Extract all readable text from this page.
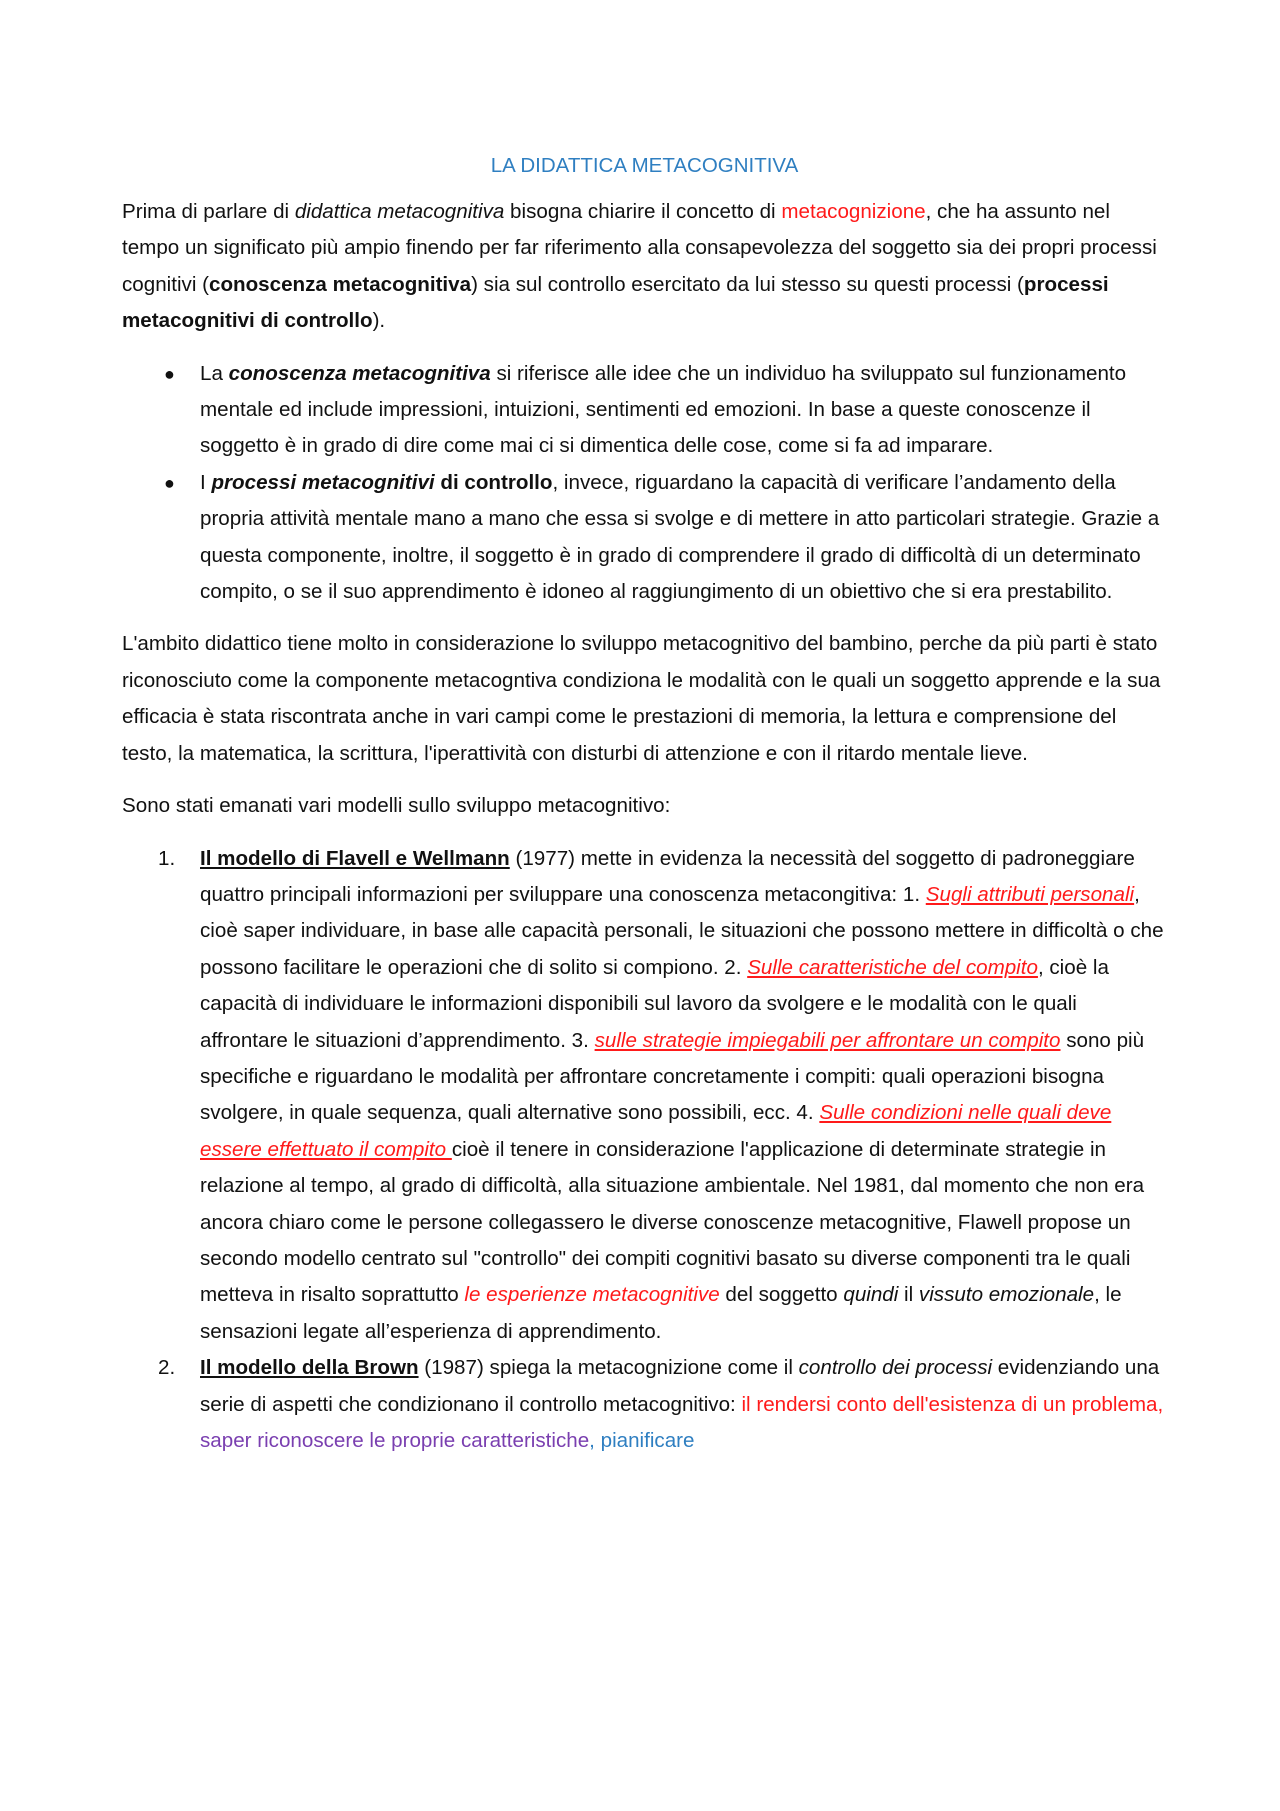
LA DIDATTICA METACOGNITIVA

Prima di parlare di didattica metacognitiva bisogna chiarire il concetto di metacognizione, che ha assunto nel tempo un significato più ampio finendo per far riferimento alla consapevolezza del soggetto sia dei propri processi cognitivi (conoscenza metacognitiva) sia sul controllo esercitato da lui stesso su questi processi (processi metacognitivi di controllo).

● La conoscenza metacognitiva si riferisce alle idee che un individuo ha sviluppato sul funzionamento mentale ed include impressioni, intuizioni, sentimenti ed emozioni. In base a queste conoscenze il soggetto è in grado di dire come mai ci si dimentica delle cose, come si fa ad imparare.
● I processi metacognitivi di controllo, invece, riguardano la capacità di verificare l’andamento della propria attività mentale mano a mano che essa si svolge e di mettere in atto particolari strategie. Grazie a questa componente, inoltre, il soggetto è in grado di comprendere il grado di difficoltà di un determinato compito, o se il suo apprendimento è idoneo al raggiungimento di un obiettivo che si era prestabilito.

L'ambito didattico tiene molto in considerazione lo sviluppo metacognitivo del bambino, perche da più parti è stato riconosciuto come la componente metacogntiva condiziona le modalità con le quali un soggetto apprende e la sua efficacia è stata riscontrata anche in vari campi come le prestazioni di memoria, la lettura e comprensione del testo, la matematica, la scrittura, l'iperattività con disturbi di attenzione e con il ritardo mentale lieve.

Sono stati emanati vari modelli sullo sviluppo metacognitivo:

1. Il modello di Flavell e Wellmann (1977) mette in evidenza la necessità del soggetto di padroneggiare quattro principali informazioni per sviluppare una conoscenza metacongitiva: 1. Sugli attributi personali, cioè saper individuare, in base alle capacità personali, le situazioni che possono mettere in difficoltà o che possono facilitare le operazioni che di solito si compiono. 2. Sulle caratteristiche del compito, cioè la capacità di individuare le informazioni disponibili sul lavoro da svolgere e le modalità con le quali affrontare le situazioni d’apprendimento. 3. sulle strategie impiegabili per affrontare un compito sono più specifiche e riguardano le modalità per affrontare concretamente i compiti: quali operazioni bisogna svolgere, in quale sequenza, quali alternative sono possibili, ecc. 4. Sulle condizioni nelle quali deve essere effettuato il compito cioè il tenere in considerazione l'applicazione di determinate strategie in relazione al tempo, al grado di difficoltà, alla situazione ambientale. Nel 1981, dal momento che non era ancora chiaro come le persone collegassero le diverse conoscenze metacognitive, Flawell propose un secondo modello centrato sul "controllo" dei compiti cognitivi basato su diverse componenti tra le quali metteva in risalto soprattutto le esperienze metacognitive del soggetto quindi il vissuto emozionale, le sensazioni legate all’esperienza di apprendimento.
2. Il modello della Brown (1987) spiega la metacognizione come il controllo dei processi evidenziando una serie di aspetti che condizionano il controllo metacognitivo: il rendersi conto dell'esistenza di un problema, saper riconoscere le proprie caratteristiche, pianificare
